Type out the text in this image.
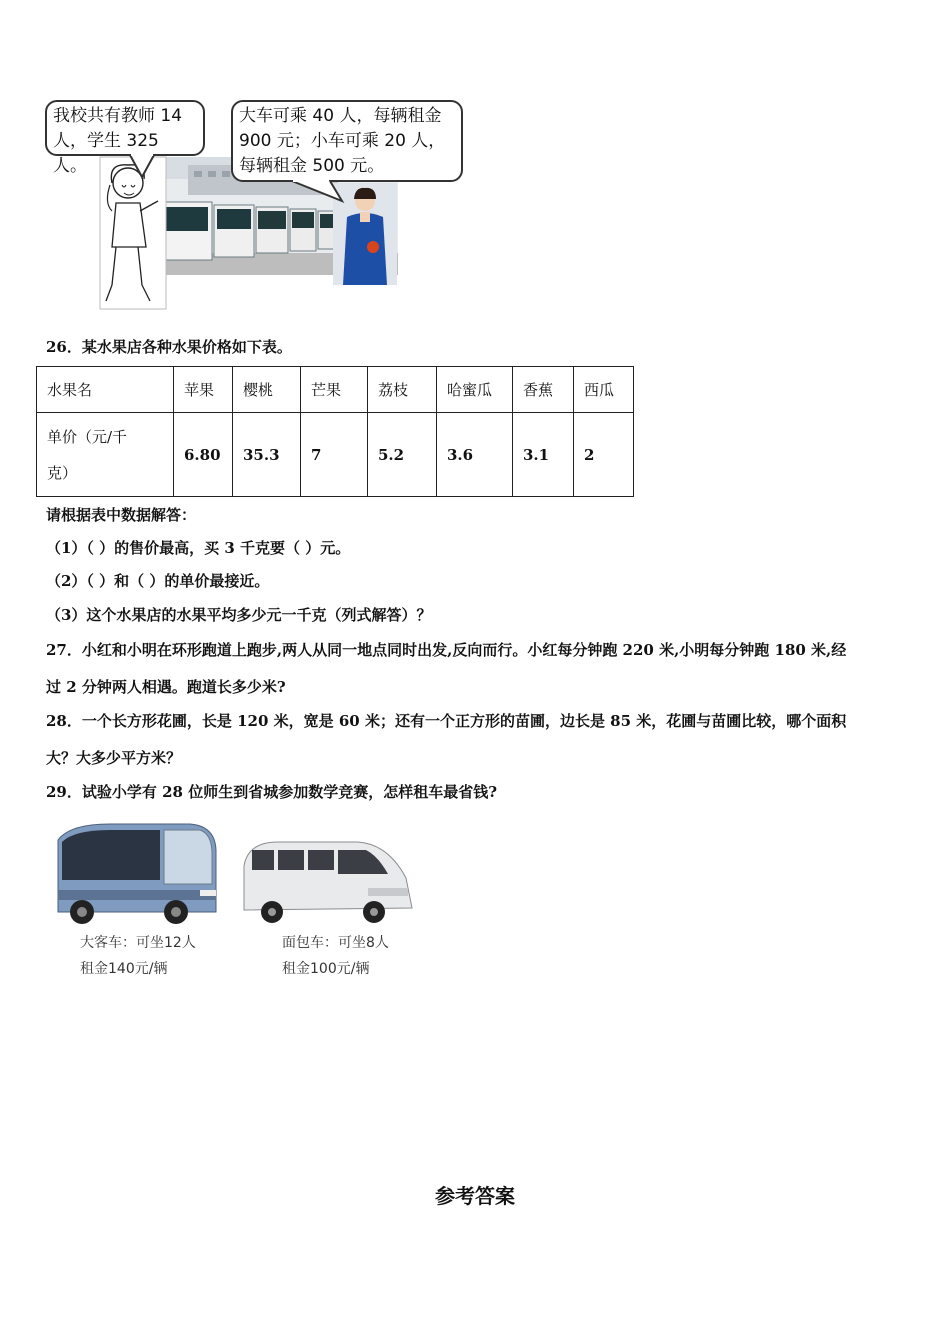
我校共有教师 14
人，学生 325 人。
大车可乘 40 人，每辆租金
900 元；小车可乘 20 人，
每辆租金 500 元。
26．某水果店各种水果价格如下表。
水果名	苹果	樱桃	芒果	荔枝	哈蜜瓜	香蕉	西瓜

单价（元/千
克）	6.80	35.3	7	5.2	3.6	3.1	2
请根据表中数据解答：
（1）（ ）的售价最高，买 3 千克要（ ）元。
（2）（ ）和（ ）的单价最接近。
（3）这个水果店的水果平均多少元一千克（列式解答）？
27．小红和小明在环形跑道上跑步,两人从同一地点同时出发,反向而行。小红每分钟跑 220 米,小明每分钟跑 180 米,经
过 2 分钟两人相遇。跑道长多少米?
28．一个长方形花圃，长是 120 米，宽是 60 米；还有一个正方形的苗圃，边长是 85 米，花圃与苗圃比较，哪个面积
大？大多少平方米？
29．试验小学有 28 位师生到省城参加数学竞赛，怎样租车最省钱?
大客车：可坐12人
租金140元/辆
面包车：可坐8人
租金100元/辆
参考答案
